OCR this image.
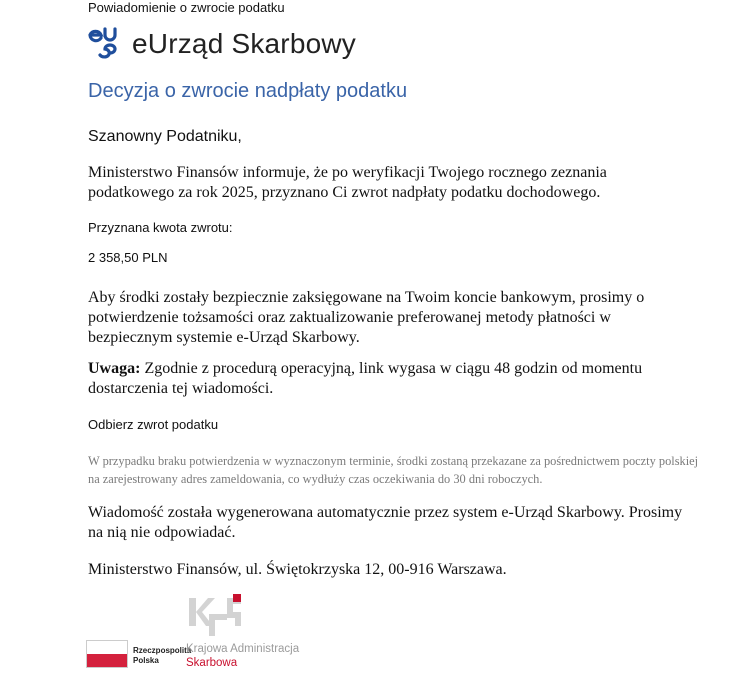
Powiadomienie o zwrocie podatku
eUrząd Skarbowy
Decyzja o zwrocie nadpłaty podatku
Szanowny Podatniku,
Ministerstwo Finansów informuje, że po weryfikacji Twojego rocznego zeznania podatkowego za rok 2025, przyznano Ci zwrot nadpłaty podatku dochodowego.
Przyznana kwota zwrotu:
2 358,50 PLN
Aby środki zostały bezpiecznie zaksięgowane na Twoim koncie bankowym, prosimy o potwierdzenie tożsamości oraz zaktualizowanie preferowanej metody płatności w bezpiecznym systemie e-Urząd Skarbowy.
Uwaga: Zgodnie z procedurą operacyjną, link wygasa w ciągu 48 godzin od momentu dostarczenia tej wiadomości.
Odbierz zwrot podatku
W przypadku braku potwierdzenia w wyznaczonym terminie, środki zostaną przekazane za pośrednictwem poczty polskiej na zarejestrowany adres zameldowania, co wydłuży czas oczekiwania do 30 dni roboczych.
Wiadomość została wygenerowana automatycznie przez system e-Urząd Skarbowy. Prosimy na nią nie odpowiadać.
Ministerstwo Finansów, ul. Świętokrzyska 12, 00-916 Warszawa.
Rzeczpospolita
Polska
Krajowa Administracja
Skarbowa
